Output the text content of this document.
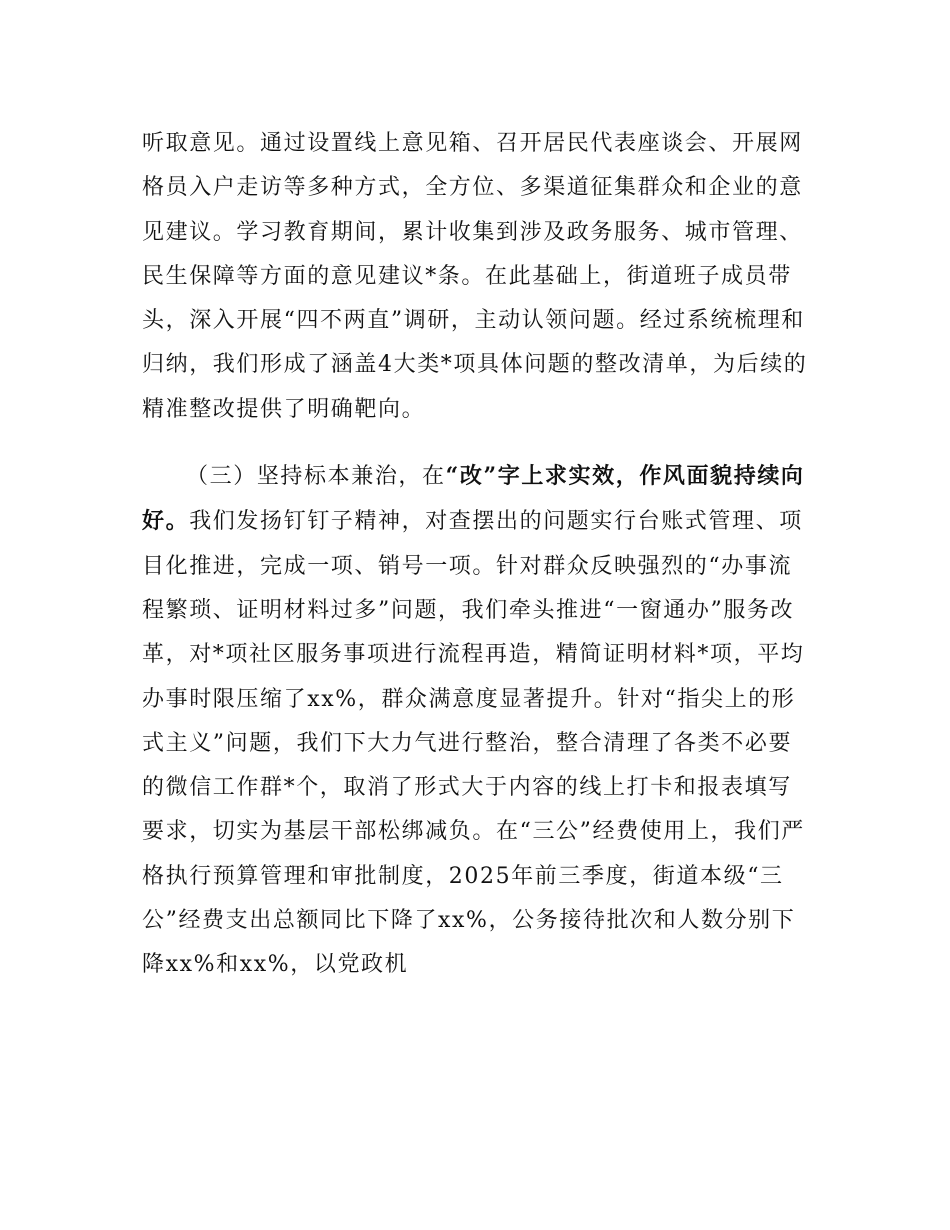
听取意见。通过设置线上意见箱、召开居民代表座谈会、开展网格员入户走访等多种方式，全方位、多渠道征集群众和企业的意见建议。学习教育期间，累计收集到涉及政务服务、城市管理、民生保障等方面的意见建议*条。在此基础上，街道班子成员带头，深入开展“四不两直”调研，主动认领问题。经过系统梳理和归纳，我们形成了涵盖4大类*项具体问题的整改清单，为后续的精准整改提供了明确靶向。

（三）坚持标本兼治，在“改”字上求实效，作风面貌持续向好。我们发扬钉钉子精神，对查摆出的问题实行台账式管理、项目化推进，完成一项、销号一项。针对群众反映强烈的“办事流程繁琐、证明材料过多”问题，我们牵头推进“一窗通办”服务改革，对*项社区服务事项进行流程再造，精简证明材料*项，平均办事时限压缩了xx%，群众满意度显著提升。针对“指尖上的形式主义”问题，我们下大力气进行整治，整合清理了各类不必要的微信工作群*个，取消了形式大于内容的线上打卡和报表填写要求，切实为基层干部松绑减负。在“三公”经费使用上，我们严格执行预算管理和审批制度，2025年前三季度，街道本级“三公”经费支出总额同比下降了xx%，公务接待批次和人数分别下降xx%和xx%，以党政机
